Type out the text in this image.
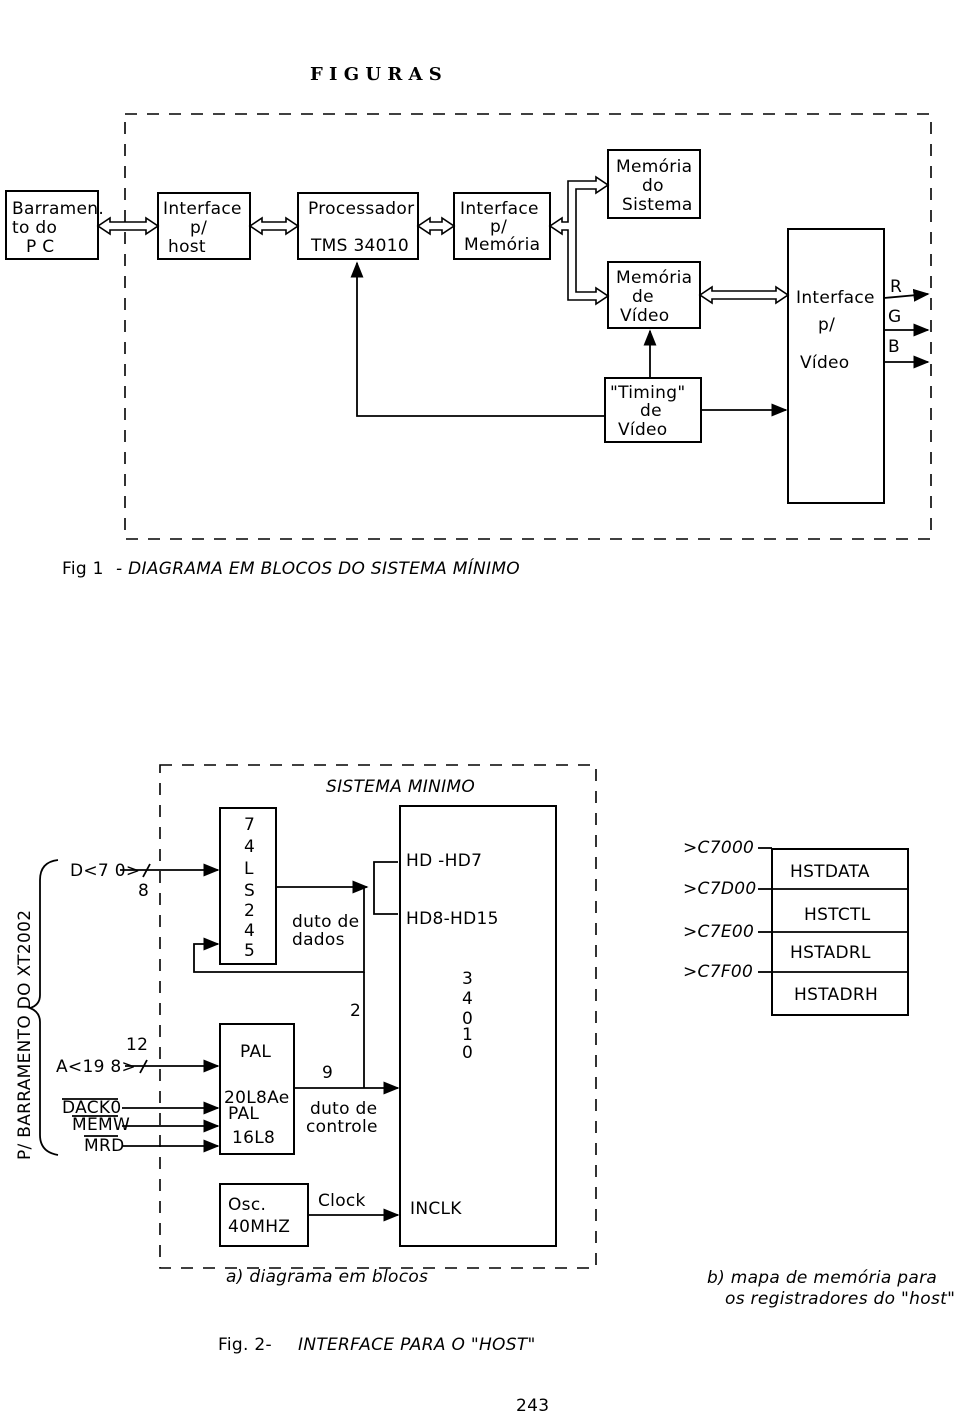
F I G U R A S
Barramen.
to do
P C
Interface
p/
host
Processador
TMS 34010
Interface
p/
Memória
Memória
do
Sistema
Memória
de
Vídeo
"Timing"
de
Vídeo
Interface
p/
Vídeo
R
G
B
Fig 1 - DIAGRAMA EM BLOCOS DO SISTEMA MÍNIMO
SISTEMA MINIMO
P/ BARRAMENTO DO XT2002
D<7 0>
8
A<19 8>
12
DACK0
MEMW
MRD
7
4
L
S
2
4
5
PAL
20L8Ae
PAL
16L8
Osc.
40MHZ
HD -HD7
HD8-HD15
3
4
0
1
0
INCLK
duto de
dados
2
9
duto de
controle
Clock
>C7000
>C7D00
>C7E00
>C7F00
HSTDATA
HSTCTL
HSTADRL
HSTADRH
a) diagrama em blocos	b) mapa de memória para
os registradores do "host"
Fig. 2- INTERFACE PARA O "HOST"
243
